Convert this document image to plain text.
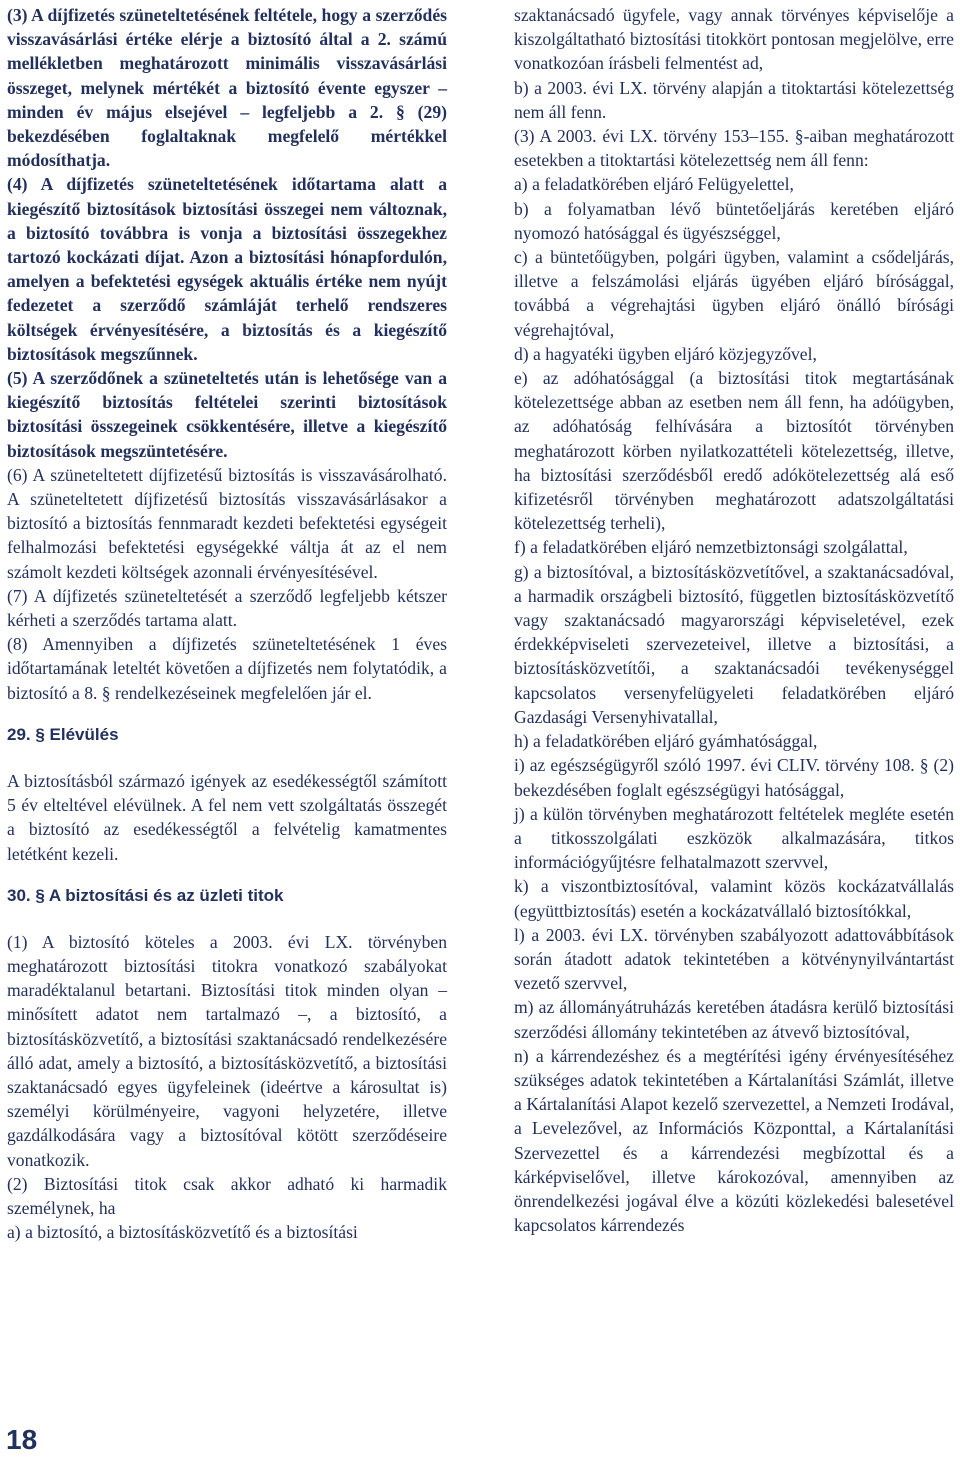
(3) A díjfizetés szüneteltetésének feltétele, hogy a szerződés visszavásárlási értéke elérje a biztosító által a 2. számú mellékletben meghatározott minimális visszavásárlási összeget, melynek mértékét a biztosító évente egyszer – minden év május elsejével – legfeljebb a 2. § (29) bekezdésében foglaltaknak megfelelő mértékkel módosíthatja.

(4) A díjfizetés szüneteltetésének időtartama alatt a kiegészítő biztosítások biztosítási összegei nem változnak, a biztosító továbbra is vonja a biztosítási összegekhez tartozó kockázati díjat. Azon a biztosítási hónapfordulón, amelyen a befektetési egységek aktuális értéke nem nyújt fedezetet a szerződő számláját terhelő rendszeres költségek érvényesítésére, a biztosítás és a kiegészítő biztosítások megszűnnek.

(5) A szerződőnek a szüneteltetés után is lehetősége van a kiegészítő biztosítás feltételei szerinti biztosítások biztosítási összegeinek csökkentésére, illetve a kiegészítő biztosítások megszüntetésére.

(6) A szüneteltetett díjfizetésű biztosítás is visszavásárolható. A szüneteltetett díjfizetésű biztosítás visszavásárlásakor a biztosító a biztosítás fennmaradt kezdeti befektetési egységeit felhalmozási befektetési egységekké váltja át az el nem számolt kezdeti költségek azonnali érvényesítésével.

(7) A díjfizetés szüneteltetését a szerződő legfeljebb kétszer kérheti a szerződés tartama alatt.

(8) Amennyiben a díjfizetés szüneteltetésének 1 éves időtartamának leteltét követően a díjfizetés nem folytatódik, a biztosító a 8. § rendelkezéseinek megfelelően jár el.

29. § Elévülés

A biztosításból származó igények az esedékességtől számított 5 év elteltével elévülnek. A fel nem vett szolgáltatás összegét a biztosító az esedékességtől a felvételig kamatmentes letétként kezeli.

30. § A biztosítási és az üzleti titok

(1) A biztosító köteles a 2003. évi LX. törvényben meghatározott biztosítási titokra vonatkozó szabályokat maradéktalanul betartani. Biztosítási titok minden olyan – minősített adatot nem tartalmazó –, a biztosító, a biztosításközvetítő, a biztosítási szaktanácsadó rendelkezésére álló adat, amely a biztosító, a biztosításközvetítő, a biztosítási szaktanácsadó egyes ügyfeleinek (ideértve a károsultat is) személyi körülményeire, vagyoni helyzetére, illetve gazdálkodására vagy a biztosítóval kötött szerződéseire vonatkozik.

(2) Biztosítási titok csak akkor adható ki harmadik személynek, ha

a) a biztosító, a biztosításközvetítő és a biztosítási

szaktanácsadó ügyfele, vagy annak törvényes képviselője a kiszolgáltatható biztosítási titokkört pontosan megjelölve, erre vonatkozóan írásbeli felmentést ad,

b) a 2003. évi LX. törvény alapján a titoktartási kötelezettség nem áll fenn.

(3) A 2003. évi LX. törvény 153–155. §-aiban meghatározott esetekben a titoktartási kötelezettség nem áll fenn:

a) a feladatkörében eljáró Felügyelettel,

b) a folyamatban lévő büntetőeljárás keretében eljáró nyomozó hatósággal és ügyészséggel,

c) a büntetőügyben, polgári ügyben, valamint a csődeljárás, illetve a felszámolási eljárás ügyében eljáró bírósággal, továbbá a végrehajtási ügyben eljáró önálló bírósági végrehajtóval,

d) a hagyatéki ügyben eljáró közjegyzővel,

e) az adóhatósággal (a biztosítási titok megtartásának kötelezettsége abban az esetben nem áll fenn, ha adóügyben, az adóhatóság felhívására a biztosítót törvényben meghatározott körben nyilatkozattételi kötelezettség, illetve, ha biztosítási szerződésből eredő adókötelezettség alá eső kifizetésről törvényben meghatározott adatszolgáltatási kötelezettség terheli),

f) a feladatkörében eljáró nemzetbiztonsági szolgálattal,

g) a biztosítóval, a biztosításközvetítővel, a szaktanácsadóval, a harmadik országbeli biztosító, független biztosításközvetítő vagy szaktanácsadó magyarországi képviseletével, ezek érdekképviseleti szervezeteivel, illetve a biztosítási, a biztosításközvetítői, a szaktanácsadói tevékenységgel kapcsolatos versenyfelügyeleti feladatkörében eljáró Gazdasági Versenyhivatallal,

h) a feladatkörében eljáró gyámhatósággal,

i) az egészségügyről szóló 1997. évi CLIV. törvény 108. § (2) bekezdésében foglalt egészségügyi hatósággal,

j) a külön törvényben meghatározott feltételek megléte esetén a titkosszolgálati eszközök alkalmazására, titkos információgyűjtésre felhatalmazott szervvel,

k) a viszontbiztosítóval, valamint közös kockázatvállalás (együttbiztosítás) esetén a kockázatvállaló biztosítókkal,

l) a 2003. évi LX. törvényben szabályozott adattovábbítások során átadott adatok tekintetében a kötvénynyilvántartást vezető szervvel,

m) az állományátruházás keretében átadásra kerülő biztosítási szerződési állomány tekintetében az átvevő biztosítóval,

n) a kárrendezéshez és a megtérítési igény érvényesítéséhez szükséges adatok tekintetében a Kártalanítási Számlát, illetve a Kártalanítási Alapot kezelő szervezettel, a Nemzeti Irodával, a Levelezővel, az Információs Központtal, a Kártalanítási Szervezettel és a kárrendezési megbízottal és a kárképviselővel, illetve károkozóval, amennyiben az önrendelkezési jogával élve a közúti közlekedési balesetével kapcsolatos kárrendezés

18
